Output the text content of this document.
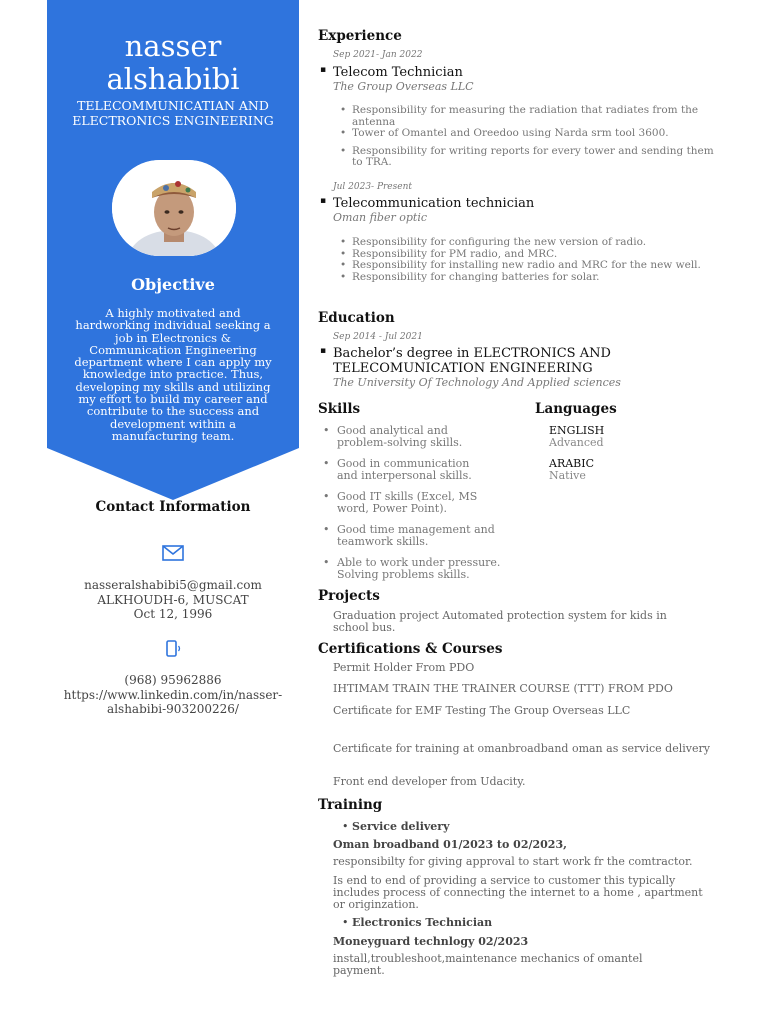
nasser
alshabibi
TELECOMMUNICATIAN AND ELECTRONICS ENGINEERING
Objective
A highly motivated and hardworking individual seeking a job in Electronics & Communication Engineering department where I can apply my knowledge into practice. Thus, developing my skills and utilizing my effort to build my career and contribute to the success and development within a manufacturing team.
Contact Information
nasseralshabibi5@gmail.com
ALKHOUDH-6, MUSCAT
Oct 12, 1996
(968) 95962886
https://www.linkedin.com/in/nasser-
alshabibi-903200226/
Experience
Sep 2021- Jan 2022
▪ Telecom Technician
The Group Overseas LLC
• Responsibility for measuring the radiation that radiates from the antenna
• Tower of Omantel and Oreedoo using Narda srm tool 3600.
• Responsibility for writing reports for every tower and sending them to TRA.
Jul 2023- Present
▪ Telecommunication technician
Oman fiber optic
• Responsibility for configuring the new version of radio.
• Responsibility for PM radio, and MRC.
• Responsibility for installing new radio and MRC for the new well.
• Responsibility for changing batteries for solar.
Education
Sep 2014 - Jul 2021
▪ Bachelor’s degree in ELECTRONICS AND
TELECOMUNICATION ENGINEERING
The University Of Technology And Applied sciences
Skills
• Good analytical and problem-solving skills.
• Good in communication and interpersonal skills.
• Good IT skills (Excel, MS word, Power Point).
• Good time management and teamwork skills.
• Able to work under pressure. Solving problems skills.
Languages
ENGLISH
Advanced
ARABIC
Native
Projects
Graduation project Automated protection system for kids in school bus.
Certifications & Courses
Permit Holder From PDO
IHTIMAM TRAIN THE TRAINER COURSE (TTT) FROM PDO
Certificate for EMF Testing The Group Overseas LLC
Certificate for training at omanbroadband oman as service delivery
Front end developer from Udacity.
Training
• Service delivery
Oman broadband 01/2023 to 02/2023,
responsibilty for giving approval to start work fr the comtractor.
Is end to end of providing a service to customer this typically includes process of connecting the internet to a home , apartment or originzation.
• Electronics Technician
Moneyguard technlogy 02/2023
install,troubleshoot,maintenance mechanics of omantel payment.
